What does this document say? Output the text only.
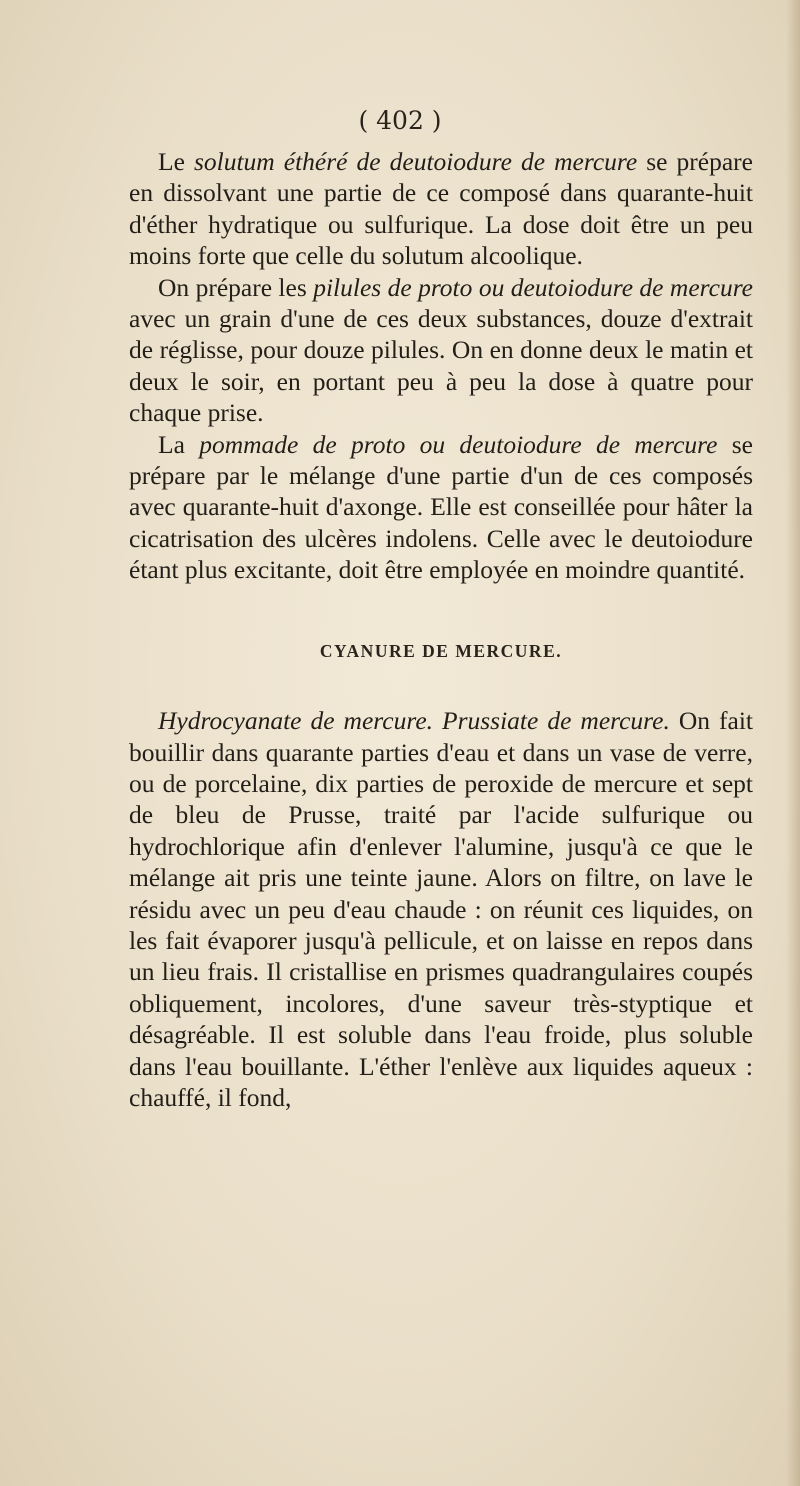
( 402 )

Le solutum éthéré de deutoiodure de mercure se prépare en dissolvant une partie de ce composé dans quarante-huit d'éther hydratique ou sulfurique. La dose doit être un peu moins forte que celle du solutum alcoolique.

On prépare les pilules de proto ou deutoiodure de mercure avec un grain d'une de ces deux substances, douze d'extrait de réglisse, pour douze pilules. On en donne deux le matin et deux le soir, en portant peu à peu la dose à quatre pour chaque prise.

La pommade de proto ou deutoiodure de mercure se prépare par le mélange d'une partie d'un de ces composés avec quarante-huit d'axonge. Elle est conseillée pour hâter la cicatrisation des ulcères indolens. Celle avec le deutoiodure étant plus excitante, doit être employée en moindre quantité.

CYANURE DE MERCURE.

Hydrocyanate de mercure. Prussiate de mercure. On fait bouillir dans quarante parties d'eau et dans un vase de verre, ou de porcelaine, dix parties de peroxide de mercure et sept de bleu de Prusse, traité par l'acide sulfurique ou hydrochlorique afin d'enlever l'alumine, jusqu'à ce que le mélange ait pris une teinte jaune. Alors on filtre, on lave le résidu avec un peu d'eau chaude : on réunit ces liquides, on les fait évaporer jusqu'à pellicule, et on laisse en repos dans un lieu frais. Il cristallise en prismes quadrangulaires coupés obliquement, incolores, d'une saveur très-styptique et désagréable. Il est soluble dans l'eau froide, plus soluble dans l'eau bouillante. L'éther l'enlève aux liquides aqueux : chauffé, il fond,
